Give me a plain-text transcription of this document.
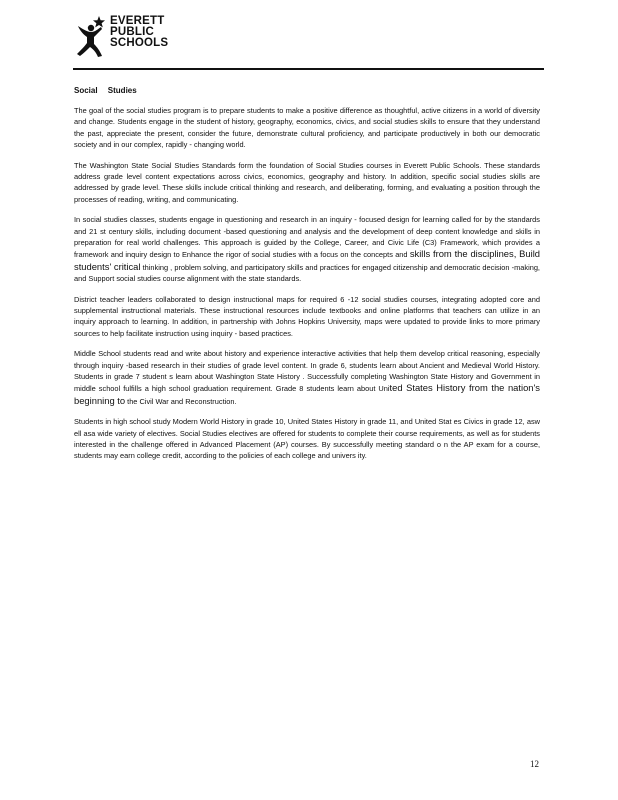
EVERETT
PUBLIC
SCHOOLS
Social Studies

The goal of the social studies program is to prepare students to make a positive difference as thoughtful, active citizens in a world of diversity and change. Students engage in the student of history, geography, economics, civics, and social studies skills to ensure that they understand the past, appreciate the present, consider the future, demonstrate cultural proficiency, and participate productively in both our democratic society and in our complex, rapidly - changing world.

The Washington State Social Studies Standards form the foundation of Social Studies courses in Everett Public Schools. These standards address grade level content expectations across civics, economics, geography and history. In addition, specific social studies skills are addressed by grade level. These skills include critical thinking and research, and deliberating, forming, and evaluating a position through the processes of reading, writing, and communicating.

In social studies classes, students engage in questioning and research in an inquiry - focused design for learning called for by the standards and 21 st century skills, including document -based questioning and analysis and the development of deep content knowledge and skills in preparation for real world challenges. This approach is guided by the College, Career, and Civic Life (C3) Framework, which provides a framework and inquiry design to Enhance the rigor of social studies with a focus on the concepts and skills from the disciplines, Build students' critical thinking , problem solving, and participatory skills and practices for engaged citizenship and democratic decision -making, and Support social studies course alignment with the state standards.

District teacher leaders collaborated to design instructional maps for required 6 -12 social studies courses, integrating adopted core and supplemental instructional materials. These instructional resources include textbooks and online platforms that teachers can utilize in an inquiry approach to learning. In addition, in partnership with Johns Hopkins University, maps were updated to provide links to more primary sources to help facilitate instruction using inquiry - based practices.

Middle School students read and write about history and experience interactive activities that help them develop critical reasoning, especially through inquiry -based research in their studies of grade level content. In grade 6, students learn about Ancient and Medieval World History. Students in grade 7 student s learn about Washington State History . Successfully completing Washington State History and Government in middle school fulfills a high school graduation requirement. Grade 8 students learn about United States History from the nation's beginning to the Civil War and Reconstruction.

Students in high school study Modern World History in grade 10, United States History in grade 11, and United Stat es Civics in grade 12, asw ell asa wide variety of electives. Social Studies electives are offered for students to complete their course requirements, as well as for students interested in the challenge offered in Advanced Placement (AP) courses. By successfully meeting standard o n the AP exam for a course, students may earn college credit, according to the policies of each college and univers ity.

12
